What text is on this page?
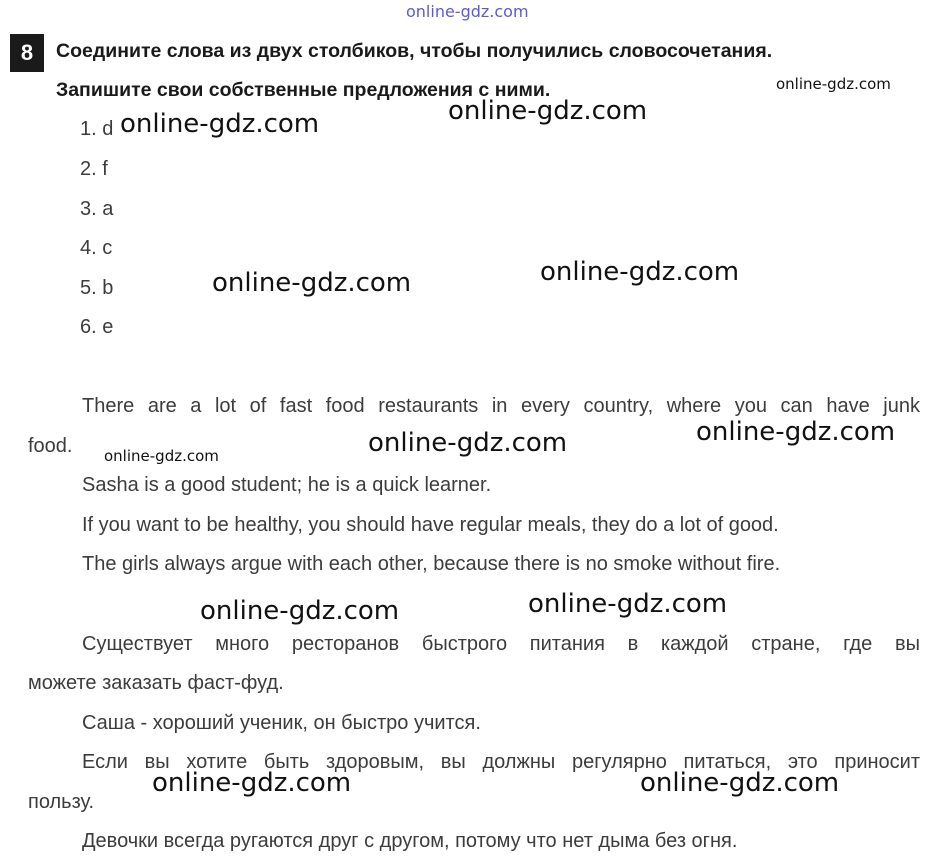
online-gdz.com
8	Соедините слова из двух столбиков, чтобы получились словосочетания.
Запишите свои собственные предложения с ними.
1. d
2. f
3. a
4. c
5. b
6. e
There are a lot of fast food restaurants in every country, where you can have junk
food.
Sasha is a good student; he is a quick learner.
If you want to be healthy, you should have regular meals, they do a lot of good.
The girls always argue with each other, because there is no smoke without fire.
Существует много ресторанов быстрого питания в каждой стране, где вы
можете заказать фаст-фуд.
Саша - хороший ученик, он быстро учится.
Если вы хотите быть здоровым, вы должны регулярно питаться, это приносит
пользу.
Девочки всегда ругаются друг с другом, потому что нет дыма без огня.
online-gdz.com
online-gdz.com	online-gdz.com
online-gdz.com
online-gdz.com
online-gdz.com
online-gdz.com
online-gdz.com
online-gdz.com
online-gdz.com
online-gdz.com	online-gdz.com
